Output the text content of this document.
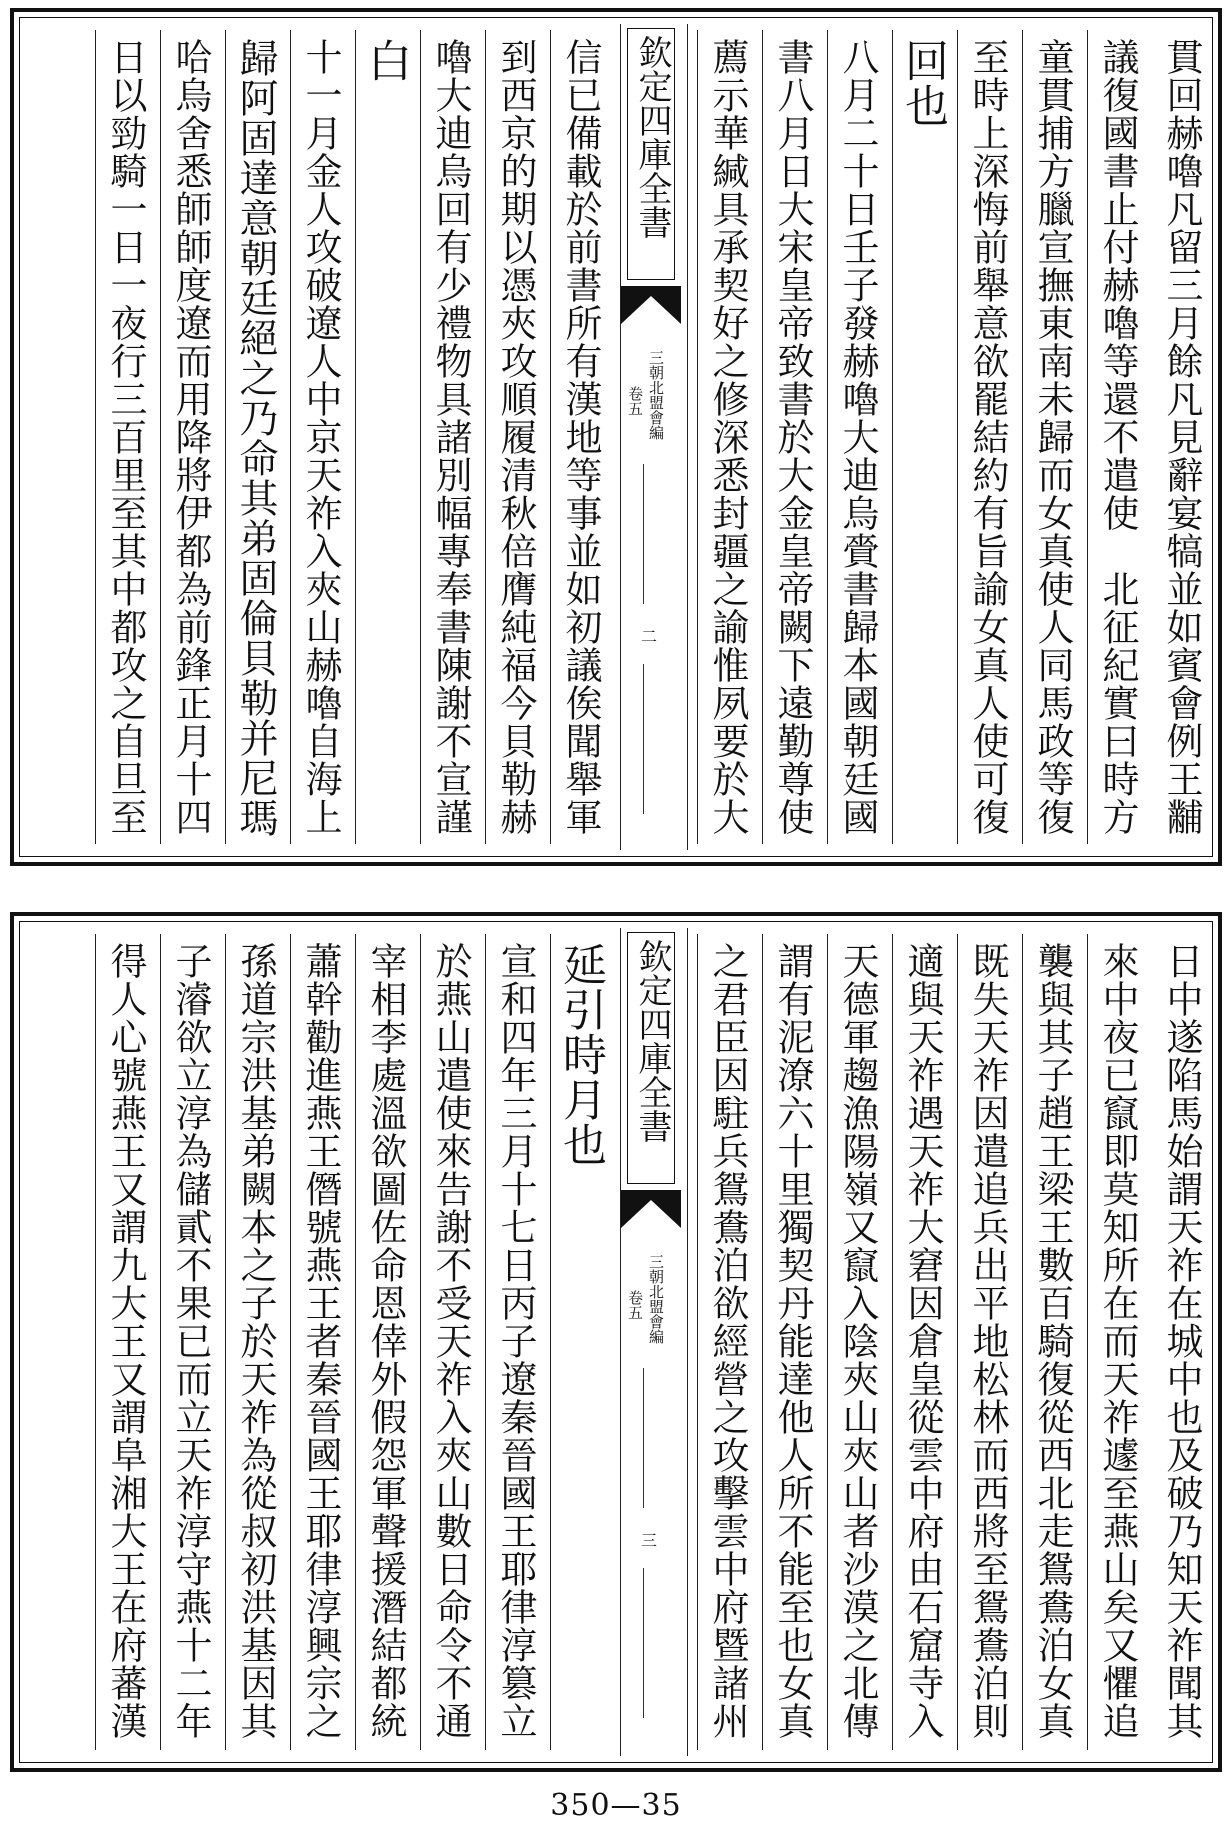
貫回赫嚕凡留三月餘凡見辭宴犒並如賓會例王黼
議復國書止付赫嚕等還不遣使　北征紀實曰時方
童貫捕方臘宣撫東南未歸而女真使人同馬政等復
至時上深悔前舉意欲罷結約有旨諭女真人使可復
回也
八月二十日壬子發赫嚕大迪烏賫書歸本國朝廷國
書八月日大宋皇帝致書於大金皇帝闕下遠勤尊使
薦示華緘具承契好之修深悉封疆之諭惟夙要於大
欽定四庫全書
三朝北盟會編
卷五
二
信已備載於前書所有漢地等事並如初議俟聞舉軍
到西京的期以憑夾攻順履清秋倍膺純福今貝勒赫
嚕大迪烏回有少禮物具諸別幅專奉書陳謝不宣謹
白
十一月金人攻破遼人中京天祚入夾山赫嚕自海上
歸阿固達意朝廷絕之乃命其弟固倫貝勒并尼瑪
哈烏舍悉師師度遼而用降將伊都為前鋒正月十四
日以勁騎一日一夜行三百里至其中都攻之自旦至
日中遂陷馬始謂天祚在城中也及破乃知天祚聞其
來中夜已竄即莫知所在而天祚遽至燕山矣又懼追
襲與其子趙王梁王數百騎復從西北走鴛鴦泊女真
既失天祚因遣追兵出平地松林而西將至鴛鴦泊則
適與天祚遇天祚大窘因倉皇從雲中府由石窟寺入
天德軍趨漁陽嶺又竄入陰夾山夾山者沙漠之北傳
謂有泥潦六十里獨契丹能達他人所不能至也女真
之君臣因駐兵鴛鴦泊欲經營之攻擊雲中府暨諸州
欽定四庫全書
三朝北盟會編
卷五
三
延引時月也
宣和四年三月十七日丙子遼秦晉國王耶律淳篡立
於燕山遣使來告謝不受天祚入夾山數日命令不通
宰相李處溫欲圖佐命恩倖外假怨軍聲援潛結都統
蕭幹勸進燕王僭號燕王者秦晉國王耶律淳興宗之
孫道宗洪基弟闕本之子於天祚為從叔初洪基因其
子濬欲立淳為儲貳不果已而立天祚淳守燕十二年
得人心號燕王又謂九大王又謂阜湘大王在府蕃漢
350—35
